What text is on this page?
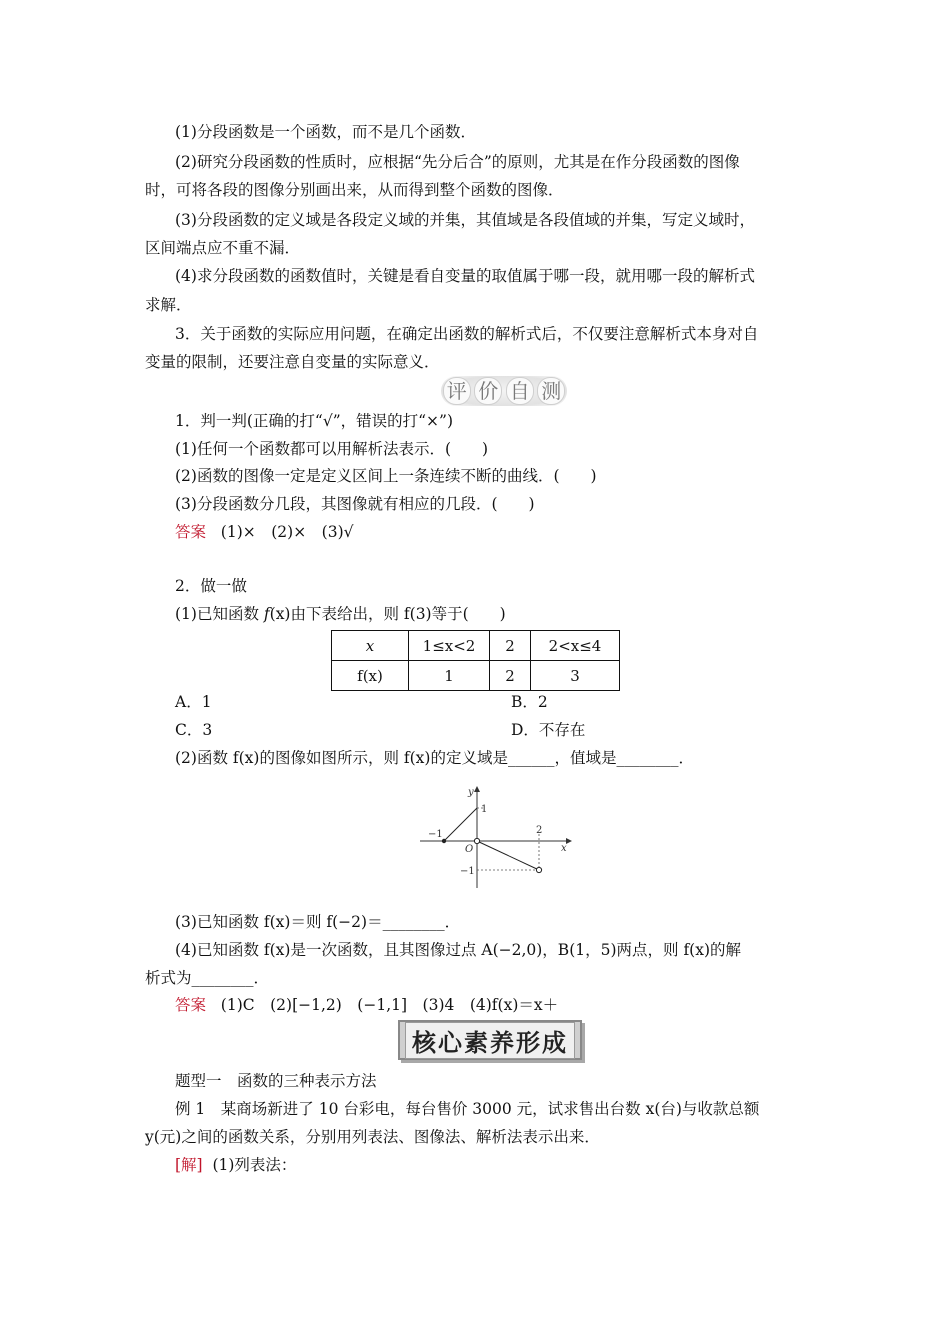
(1)分段函数是一个函数，而不是几个函数．
(2)研究分段函数的性质时，应根据“先分后合”的原则，尤其是在作分段函数的图像
时，可将各段的图像分别画出来，从而得到整个函数的图像．
(3)分段函数的定义域是各段定义域的并集，其值域是各段值域的并集，写定义域时，
区间端点应不重不漏．
(4)求分段函数的函数值时，关键是看自变量的取值属于哪一段，就用哪一段的解析式
求解．
3．关于函数的实际应用问题，在确定出函数的解析式后，不仅要注意解析式本身对自
变量的限制，还要注意自变量的实际意义．
评 价 自 测
1．判一判(正确的打“√”，错误的打“×”)
(1)任何一个函数都可以用解析法表示．(　　)
(2)函数的图像一定是定义区间上一条连续不断的曲线．(　　)
(3)分段函数分几段，其图像就有相应的几段．(　　)
答案 (1)×　(2)×　(3)√
2．做一做
(1)已知函数 f(x)由下表给出，则 f(3)等于(　　)
x	1≤x<2	2	2<x≤4
f(x)	1	2	3
A．1	B．2
C．3	D．不存在
(2)函数 f(x)的图像如图所示，则 f(x)的定义域是______，值域是________．
y
x
1
−1
O
2
−1
(3)已知函数 f(x)＝则 f(−2)＝________．
(4)已知函数 f(x)是一次函数，且其图像过点 A(−2,0)，B(1，5)两点，则 f(x)的解
析式为________．
答案 (1)C　(2)[−1,2)　(−1,1]　(3)4　(4)f(x)＝x＋
核心素养形成
题型一　函数的三种表示方法
例 1　某商场新进了 10 台彩电，每台售价 3000 元，试求售出台数 x(台)与收款总额
y(元)之间的函数关系，分别用列表法、图像法、解析法表示出来．
[解] (1)列表法：
